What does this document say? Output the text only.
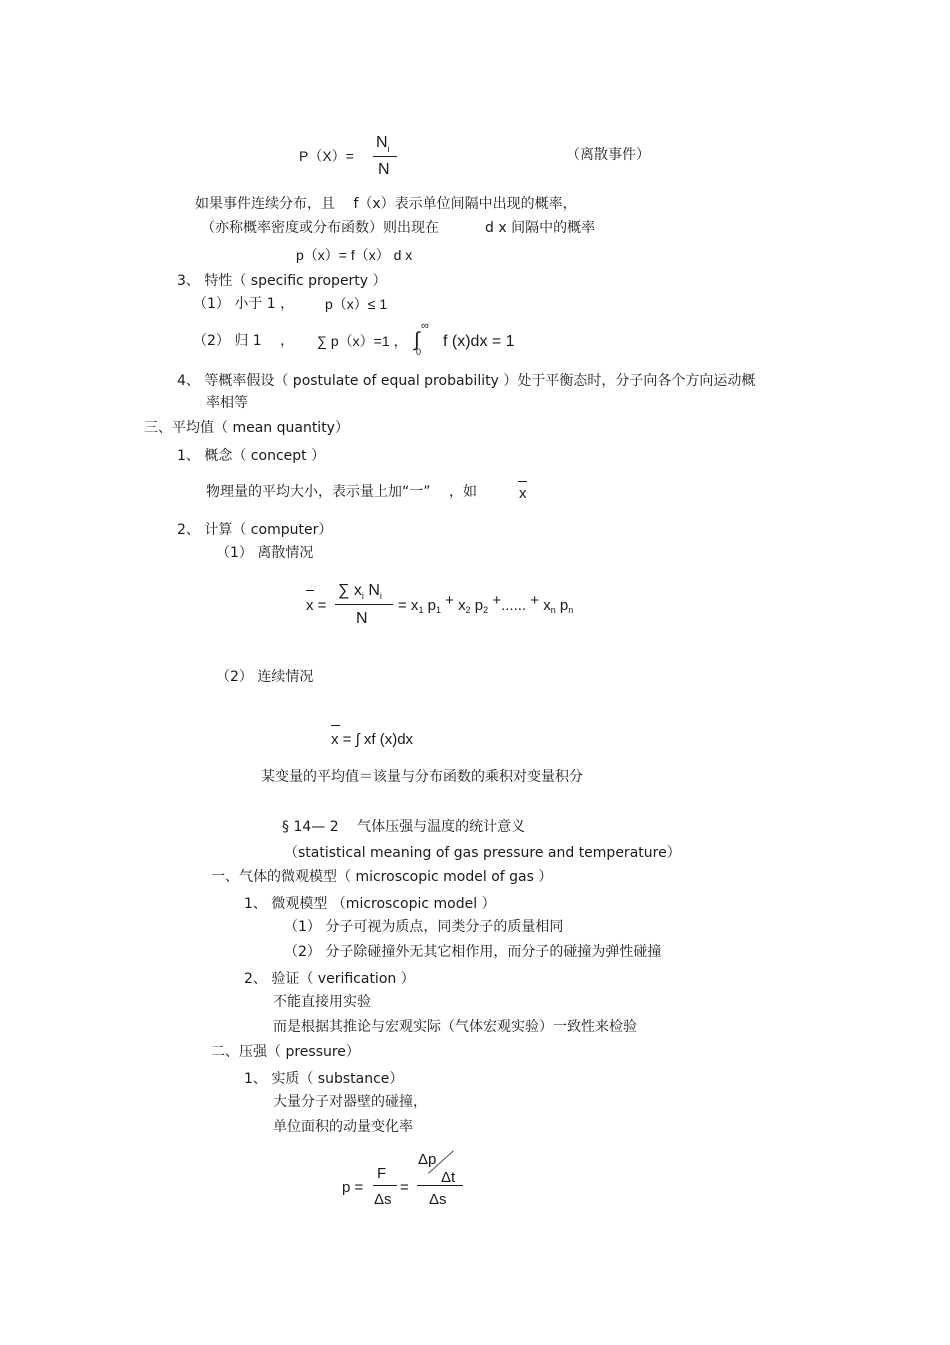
P（X）=
$N_i$
N
（离散事件）
如果事件连续分布，且　 f（x）表示单位间隔中出现的概率，
（亦称概率密度或分布函数）则出现在	d x 间隔中的概率
p（x）= f（x） d x
3、 特性（ specific property ）
（1） 小于 1 ， p（x）≤ 1
（2） 归 1 　， ∑ p（x）=1 ， ∫
∞
0
f (x)dx = 1
4、 等概率假设（ postulate of equal probability ）处于平衡态时，分子向各个方向运动概
率相等
三、平均值（ mean quantity）
1、 概念（ concept ）
物理量的平均大小，表示量上加“一”　 ，如	x
2、 计算（ computer）
（1） 离散情况
x =
∑ $x_i$ $N_i$
N
= $x_1$ $p_1 + x_2$ $p_2$ +...... + $x_n$ $p_n$
（2） 连续情况
x = ∫ xf (x)dx
某变量的平均值＝该量与分布函数的乘积对变量积分
§ 14— 2　 气体压强与温度的统计意义
（statistical meaning of gas pressure and temperature）
一、气体的微观模型（ microscopic model of gas ）
1、 微观模型 （microscopic model ）
（1） 分子可视为质点，同类分子的质量相同
（2） 分子除碰撞外无其它相作用，而分子的碰撞为弹性碰撞
2、 验证（ verification ）
不能直接用实验
而是根据其推论与宏观实际（气体宏观实验）一致性来检验
二、压强（ pressure）
1、 实质（ substance）
大量分子对器壁的碰撞，
单位面积的动量变化率
p =
F
Δs
=
Δp
Δt
Δs
